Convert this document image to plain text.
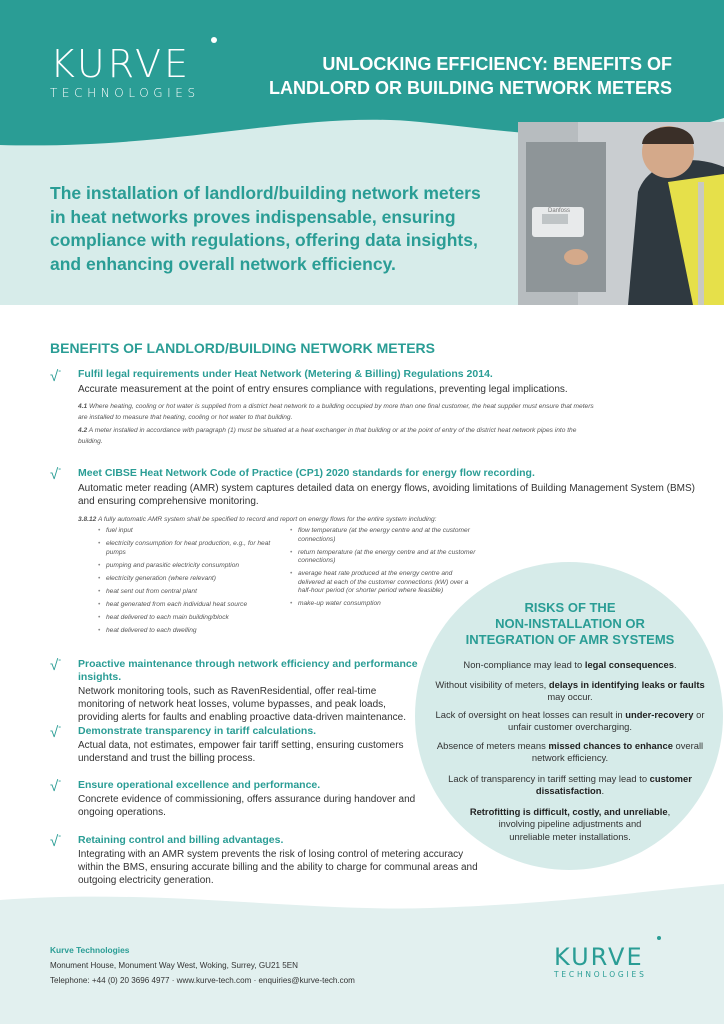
Danfoss
KURVE
TECHNOLOGIES
UNLOCKING EFFICIENCY: BENEFITS OF
LANDLORD OR BUILDING NETWORK METERS
The installation of landlord/building network meters
in heat networks proves indispensable, ensuring
compliance with regulations, offering data insights,
and enhancing overall network efficiency.
BENEFITS OF LANDLORD/BUILDING NETWORK METERS
√° Fulfil legal requirements under Heat Network (Metering & Billing) Regulations 2014.
Accurate measurement at the point of entry ensures compliance with regulations, preventing legal implications.
4.1 Where heating, cooling or hot water is supplied from a district heat network to a building occupied by more than one final customer, the heat supplier must ensure that meters
are installed to measure that heating, cooling or hot water to that building.
4.2 A meter installed in accordance with paragraph (1) must be situated at a heat exchanger in that building or at the point of entry of the district heat network pipes into the
building.
√° Meet CIBSE Heat Network Code of Practice (CP1) 2020 standards for energy flow recording.
Automatic meter reading (AMR) system captures detailed data on energy flows, avoiding limitations of Building Management System (BMS)
and ensuring comprehensive monitoring.
3.8.12 A fully automatic AMR system shall be specified to record and report on energy flows for the entire system including:
• fuel input
• electricity consumption for heat production, e.g., for heat pumps
• pumping and parasitic electricity consumption
• electricity generation (where relevant)
• heat sent out from central plant
• heat generated from each individual heat source
• heat delivered to each main building/block
• heat delivered to each dwelling
• flow temperature (at the energy centre and at the customer connections)
• return temperature (at the energy centre and at the customer connections)
• average heat rate produced at the energy centre and delivered at each of the customer connections (kW) over a half-hour period (or shorter period where feasible)
• make-up water consumption
√° Proactive maintenance through network efficiency and performance insights.
Network monitoring tools, such as RavenResidential, offer real-time
monitoring of network heat losses, volume bypasses, and peak loads,
providing alerts for faults and enabling proactive data-driven maintenance.
√° Demonstrate transparency in tariff calculations.
Actual data, not estimates, empower fair tariff setting, ensuring customers
understand and trust the billing process.
√° Ensure operational excellence and performance.
Concrete evidence of commissioning, offers assurance during handover and
ongoing operations.
√° Retaining control and billing advantages.
Integrating with an AMR system prevents the risk of losing control of metering accuracy
within the BMS, ensuring accurate billing and the ability to charge for communal areas and
outgoing electricity generation.
RISKS OF THE
NON-INSTALLATION OR
INTEGRATION OF AMR SYSTEMS
Non-compliance may lead to legal consequences.
Without visibility of meters, delays in identifying leaks or faults
may occur.
Lack of oversight on heat losses can result in under-recovery or
unfair customer overcharging.
Absence of meters means missed chances to enhance overall
network efficiency.
Lack of transparency in tariff setting may lead to customer
dissatisfaction.
Retrofitting is difficult, costly, and unreliable,
involving pipeline adjustments and
unreliable meter installations.
Kurve Technologies
Monument House, Monument Way West, Woking, Surrey, GU21 5EN
Telephone: +44 (0) 20 3696 4977 · www.kurve-tech.com · enquiries@kurve-tech.com
KURVE
TECHNOLOGIES
